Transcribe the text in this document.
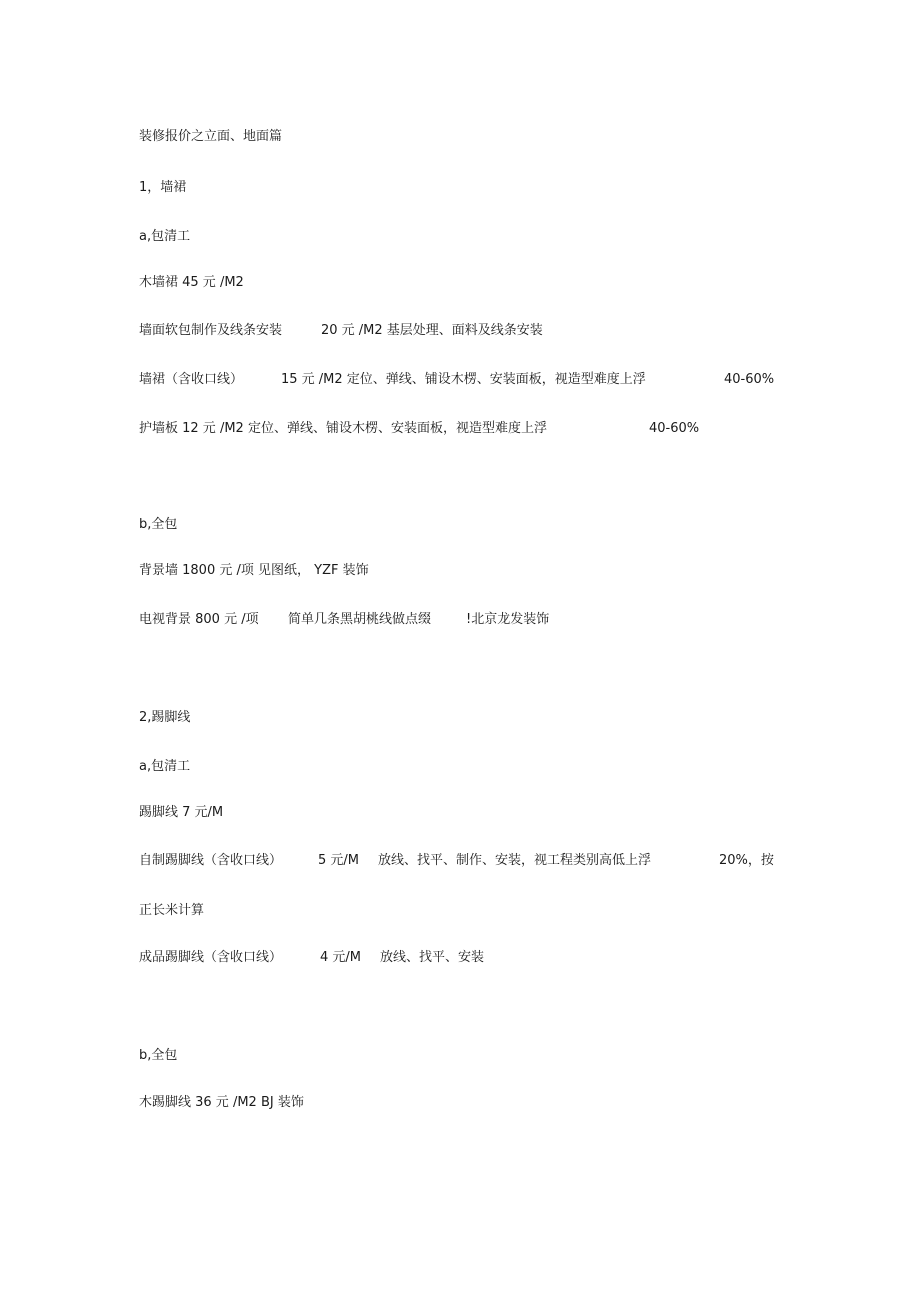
装修报价之立面、地面篇

1，墙裙

a,包清工

木墙裙 45 元 /M2

墙面软包制作及线条安装	20 元 /M2 基层处理、面料及线条安装
墙裙（含收口线）	15 元 /M2 定位、弹线、铺设木楞、安装面板，视造型难度上浮	40-60%
护墙板 12 元 /M2 定位、弹线、铺设木楞、安装面板，视造型难度上浮	40-60%

b,全包

背景墙 1800 元 /项 见图纸， YZF 装饰

电视背景 800 元 /项 简单几条黑胡桃线做点缀	!北京龙发装饰

2,踢脚线

a,包清工

踢脚线 7 元/M

自制踢脚线（含收口线）	5 元/M 放线、找平、制作、安装，视工程类别高低上浮	20%，按

正长米计算

成品踢脚线（含收口线）	4 元/M 放线、找平、安装

b,全包

木踢脚线 36 元 /M2 BJ 装饰
